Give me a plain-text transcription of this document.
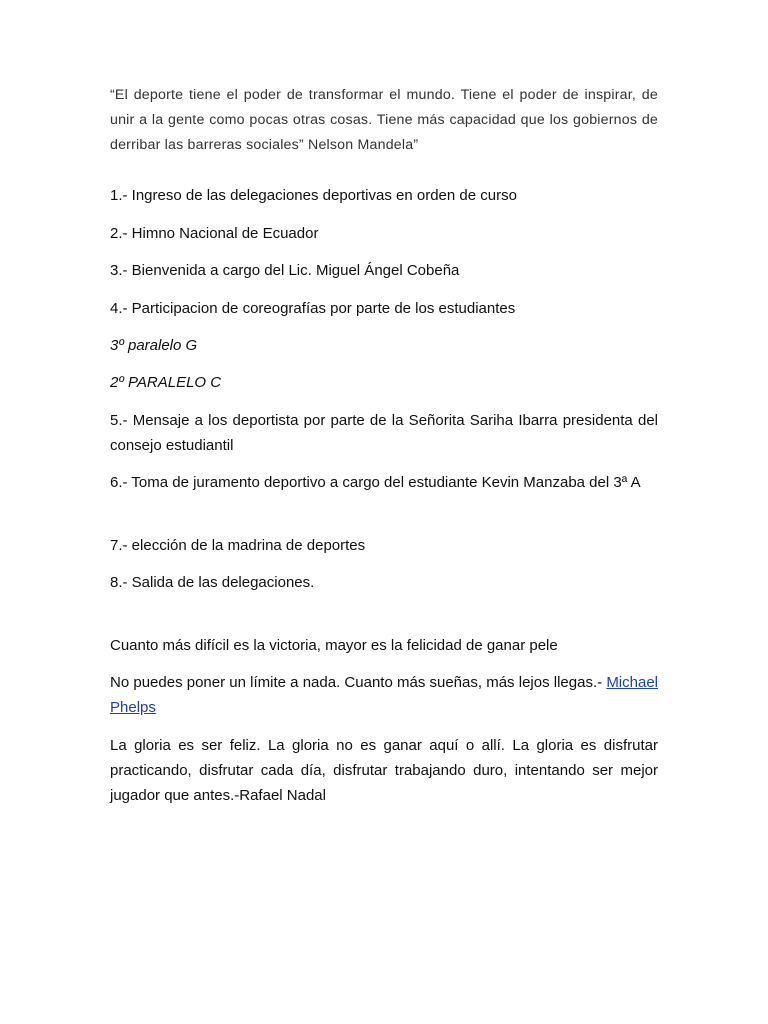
“El deporte tiene el poder de transformar el mundo. Tiene el poder de inspirar, de unir a la gente como pocas otras cosas. Tiene más capacidad que los gobiernos de derribar las barreras sociales” Nelson Mandela”

1.- Ingreso de las delegaciones deportivas en orden de curso

2.- Himno Nacional de Ecuador

3.- Bienvenida a cargo del Lic. Miguel Ángel Cobeña

4.- Participacion de coreografías por parte de los estudiantes

3º paralelo G

2º PARALELO C

5.- Mensaje a los deportista por parte de la Señorita Sariha Ibarra presidenta del consejo estudiantil

6.- Toma de juramento deportivo a cargo del estudiante Kevin Manzaba del 3ª A

7.- elección de la madrina de deportes

8.- Salida de las delegaciones.

Cuanto más difícil es la victoria, mayor es la felicidad de ganar pele

No puedes poner un límite a nada. Cuanto más sueñas, más lejos llegas.- Michael Phelps

La gloria es ser feliz. La gloria no es ganar aquí o allí. La gloria es disfrutar practicando, disfrutar cada día, disfrutar trabajando duro, intentando ser mejor jugador que antes.-Rafael Nadal
